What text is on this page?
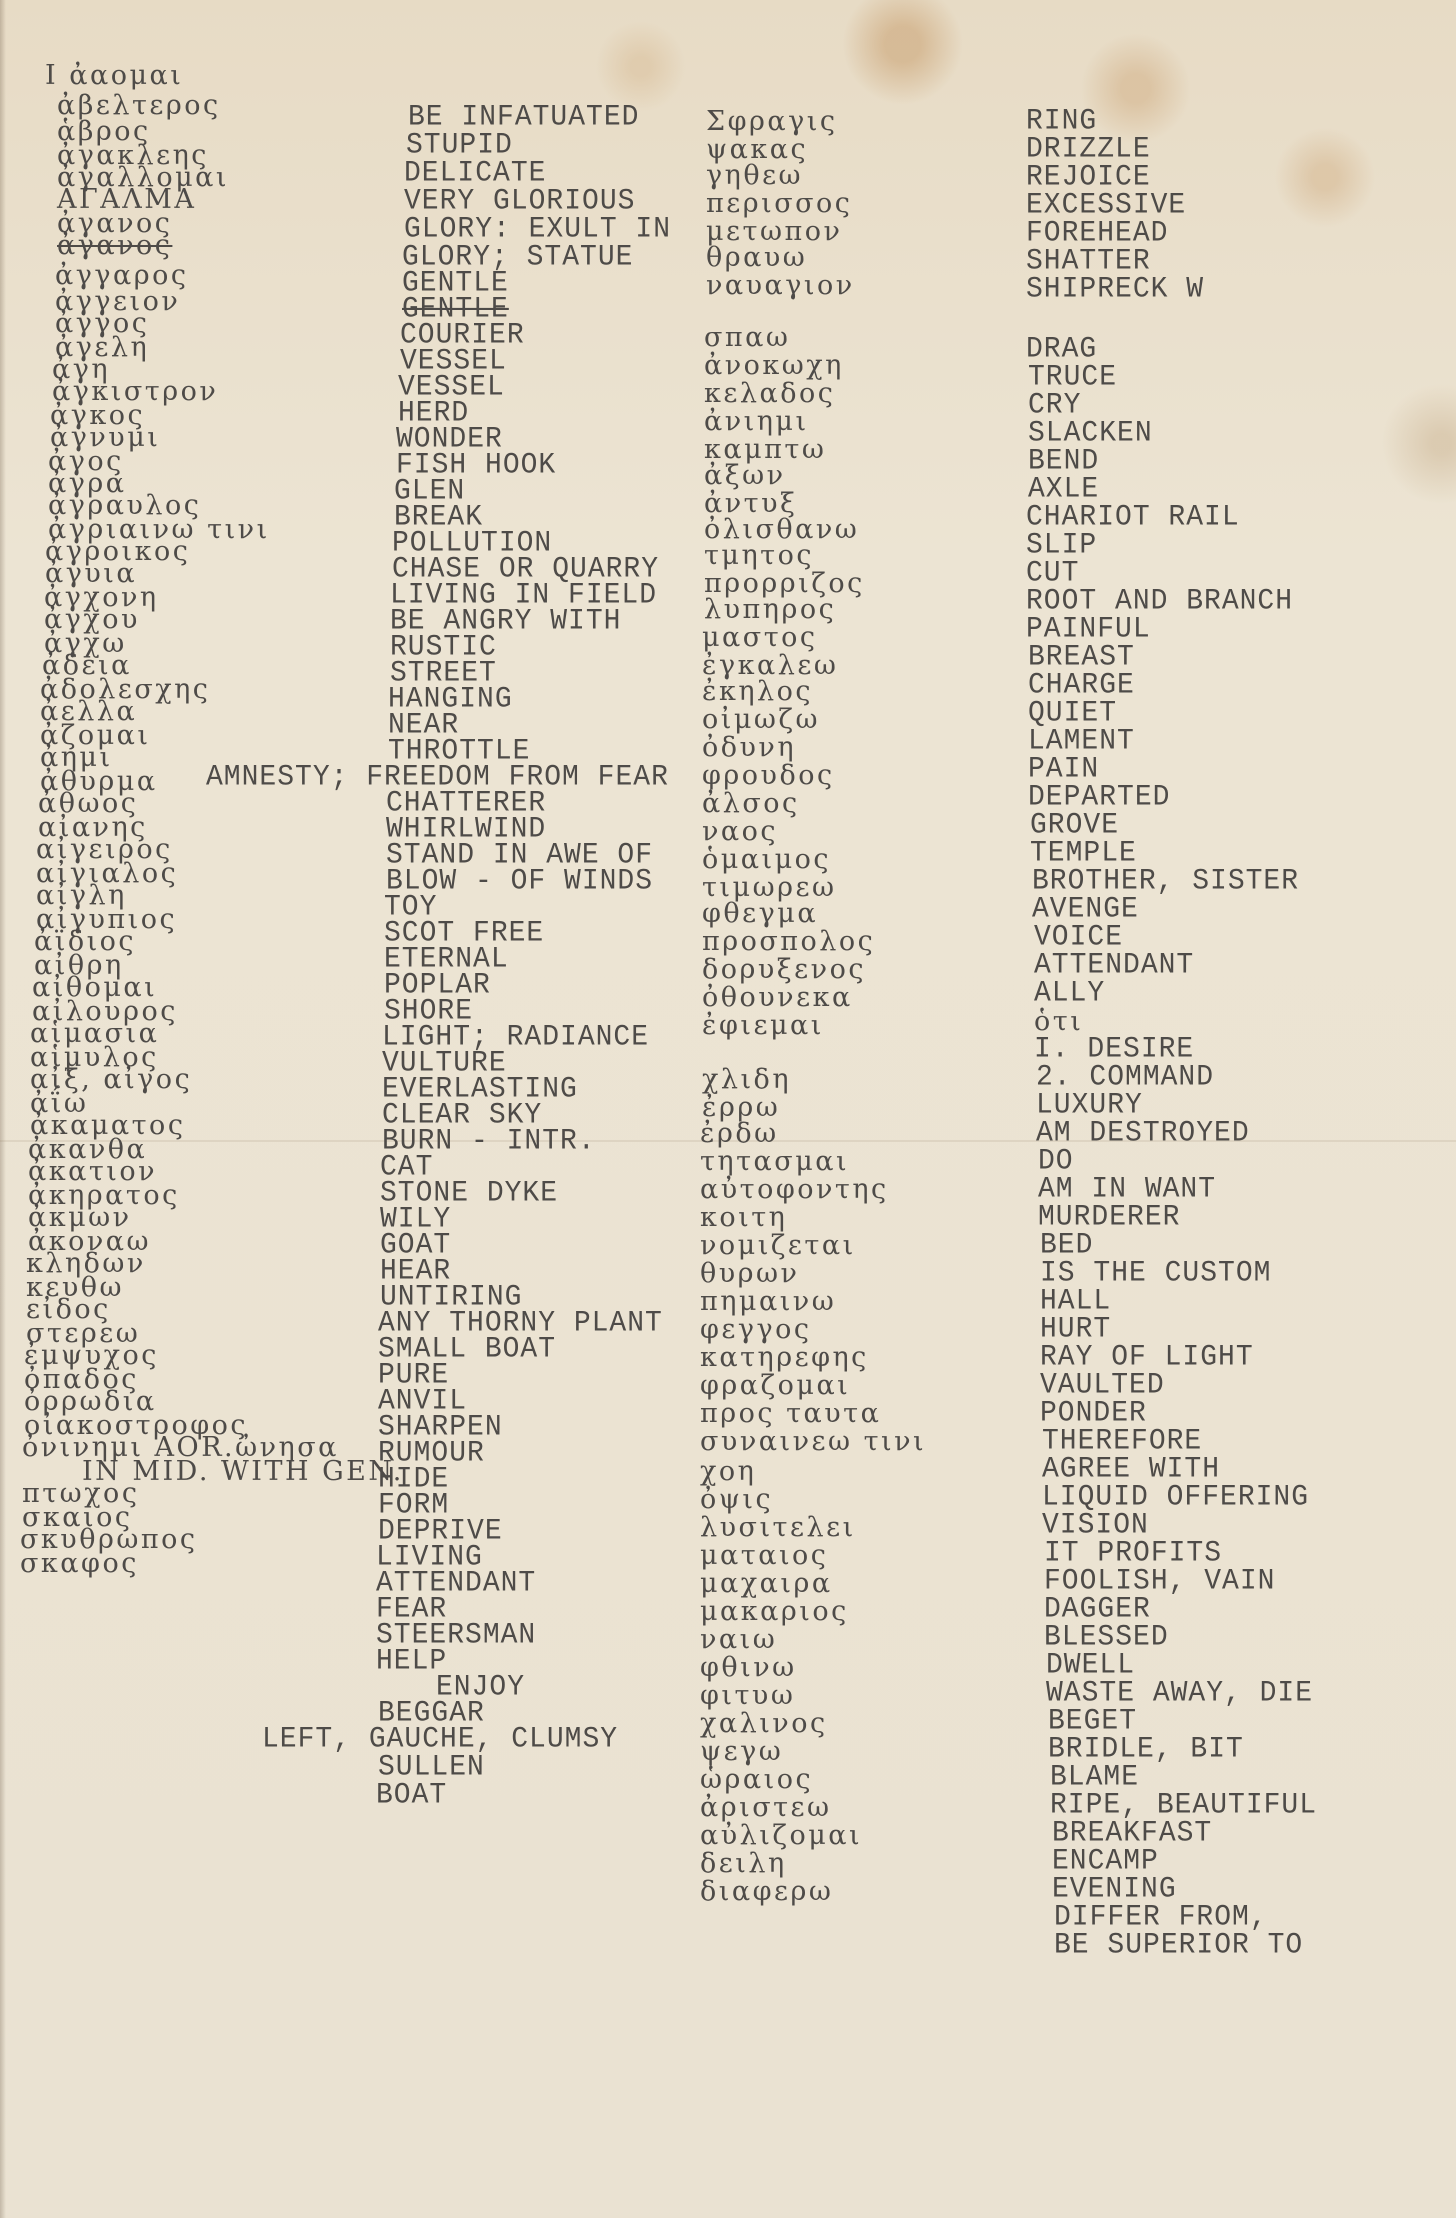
I ἀαομαι
ἀβελτερος
ἁβρος
ἀγακλεης
ἀγαλλομαι
ΑΓΑΛΜΑ
ἀγανος
ἀγανος
ἀγγαρος
ἀγγειον
ἀγγος
ἀγελη
ἀγη
ἀγκιστρον
ἀγκος
ἀγνυμι
ἀγος
ἀγρα
ἀγραυλος
ἀγριαινω τινι
ἀγροικος
ἀγυια
ἀγχονη
ἀγχου
ἀγχω
ἀδεια
ἀδολεσχης
ἀελλα
ἀζομαι
ἀημι
ἀθυρμα
ἀθωος
αἰανης
αἰγειρος
αἰγιαλος
αἰγλη
αἰγυπιος
ἀϊδιος
αἰθρη
αἰθομαι
αἰλουρος
αἱμασια
αἱμυλος
αἰξ, αἰγος
ἀΐω
ἀκαματος
ἀκανθα
ἀκατιον
ἀκηρατος
ἀκμων
ἀκοναω
κληδων
κευθω
εἰδος
στερεω
ἐμψυχος
ὀπαδος
ὀρρωδια
οἰακοστροφος
ὀνινημι AOR.ὠνησα
IN MID. WITH GEN.
πτωχος
σκαιος
σκυθρωπος
σκαφος
BE INFATUATED
STUPID
DELICATE
VERY GLORIOUS
GLORY: EXULT IN
GLORY; STATUE
GENTLE
GENTLE
COURIER
VESSEL
VESSEL
HERD
WONDER
FISH HOOK
GLEN
BREAK
POLLUTION
CHASE OR QUARRY
LIVING IN FIELD
BE ANGRY WITH
RUSTIC
STREET
HANGING
NEAR
THROTTLE
AMNESTY; FREEDOM FROM FEAR
CHATTERER
WHIRLWIND
STAND IN AWE OF
BLOW - OF WINDS
TOY
SCOT FREE
ETERNAL
POPLAR
SHORE
LIGHT; RADIANCE
VULTURE
EVERLASTING
CLEAR SKY
BURN - INTR.
CAT
STONE DYKE
WILY
GOAT
HEAR
UNTIRING
ANY THORNY PLANT
SMALL BOAT
PURE
ANVIL
SHARPEN
RUMOUR
HIDE
FORM
DEPRIVE
LIVING
ATTENDANT
FEAR
STEERSMAN
HELP
ENJOY
BEGGAR
LEFT, GAUCHE, CLUMSY
SULLEN
BOAT
Σφραγις
ψακας
γηθεω
περισσος
μετωπον
θραυω
ναυαγιον
σπαω
ἀνοκωχη
κελαδος
ἀνιημι
καμπτω
ἀξων
ἀντυξ
ὀλισθανω
τμητος
προρριζος
λυπηρος
μαστος
ἐγκαλεω
ἐκηλος
οἰμωζω
ὀδυνη
φρουδος
ἀλσος
ναος
ὁμαιμος
τιμωρεω
φθεγμα
προσπολος
δορυξενος
ὀθουνεκα
ἐφιεμαι
χλιδη
ἐρρω
ἐρδω
τητασμαι
αὐτοφοντης
κοιτη
νομιζεται
θυρων
πημαινω
φεγγος
κατηρεφης
φραζομαι
προς ταυτα
συναινεω τινι
χοη
ὀψις
λυσιτελει
ματαιος
μαχαιρα
μακαριος
ναιω
φθινω
φιτυω
χαλινος
ψεγω
ὡραιος
ἀριστεω
αὐλιζομαι
δειλη
διαφερω
RING
DRIZZLE
REJOICE
EXCESSIVE
FOREHEAD
SHATTER
SHIPRECK W
DRAG
TRUCE
CRY
SLACKEN
BEND
AXLE
CHARIOT RAIL
SLIP
CUT
ROOT AND BRANCH
PAINFUL
BREAST
CHARGE
QUIET
LAMENT
PAIN
DEPARTED
GROVE
TEMPLE
BROTHER, SISTER
AVENGE
VOICE
ATTENDANT
ALLY
ὁτι
I. DESIRE
2. COMMAND
LUXURY
AM DESTROYED
DO
AM IN WANT
MURDERER
BED
IS THE CUSTOM
HALL
HURT
RAY OF LIGHT
VAULTED
PONDER
THEREFORE
AGREE WITH
LIQUID OFFERING
VISION
IT PROFITS
FOOLISH, VAIN
DAGGER
BLESSED
DWELL
WASTE AWAY, DIE
BEGET
BRIDLE, BIT
BLAME
RIPE, BEAUTIFUL
BREAKFAST
ENCAMP
EVENING
DIFFER FROM,
BE SUPERIOR TO
